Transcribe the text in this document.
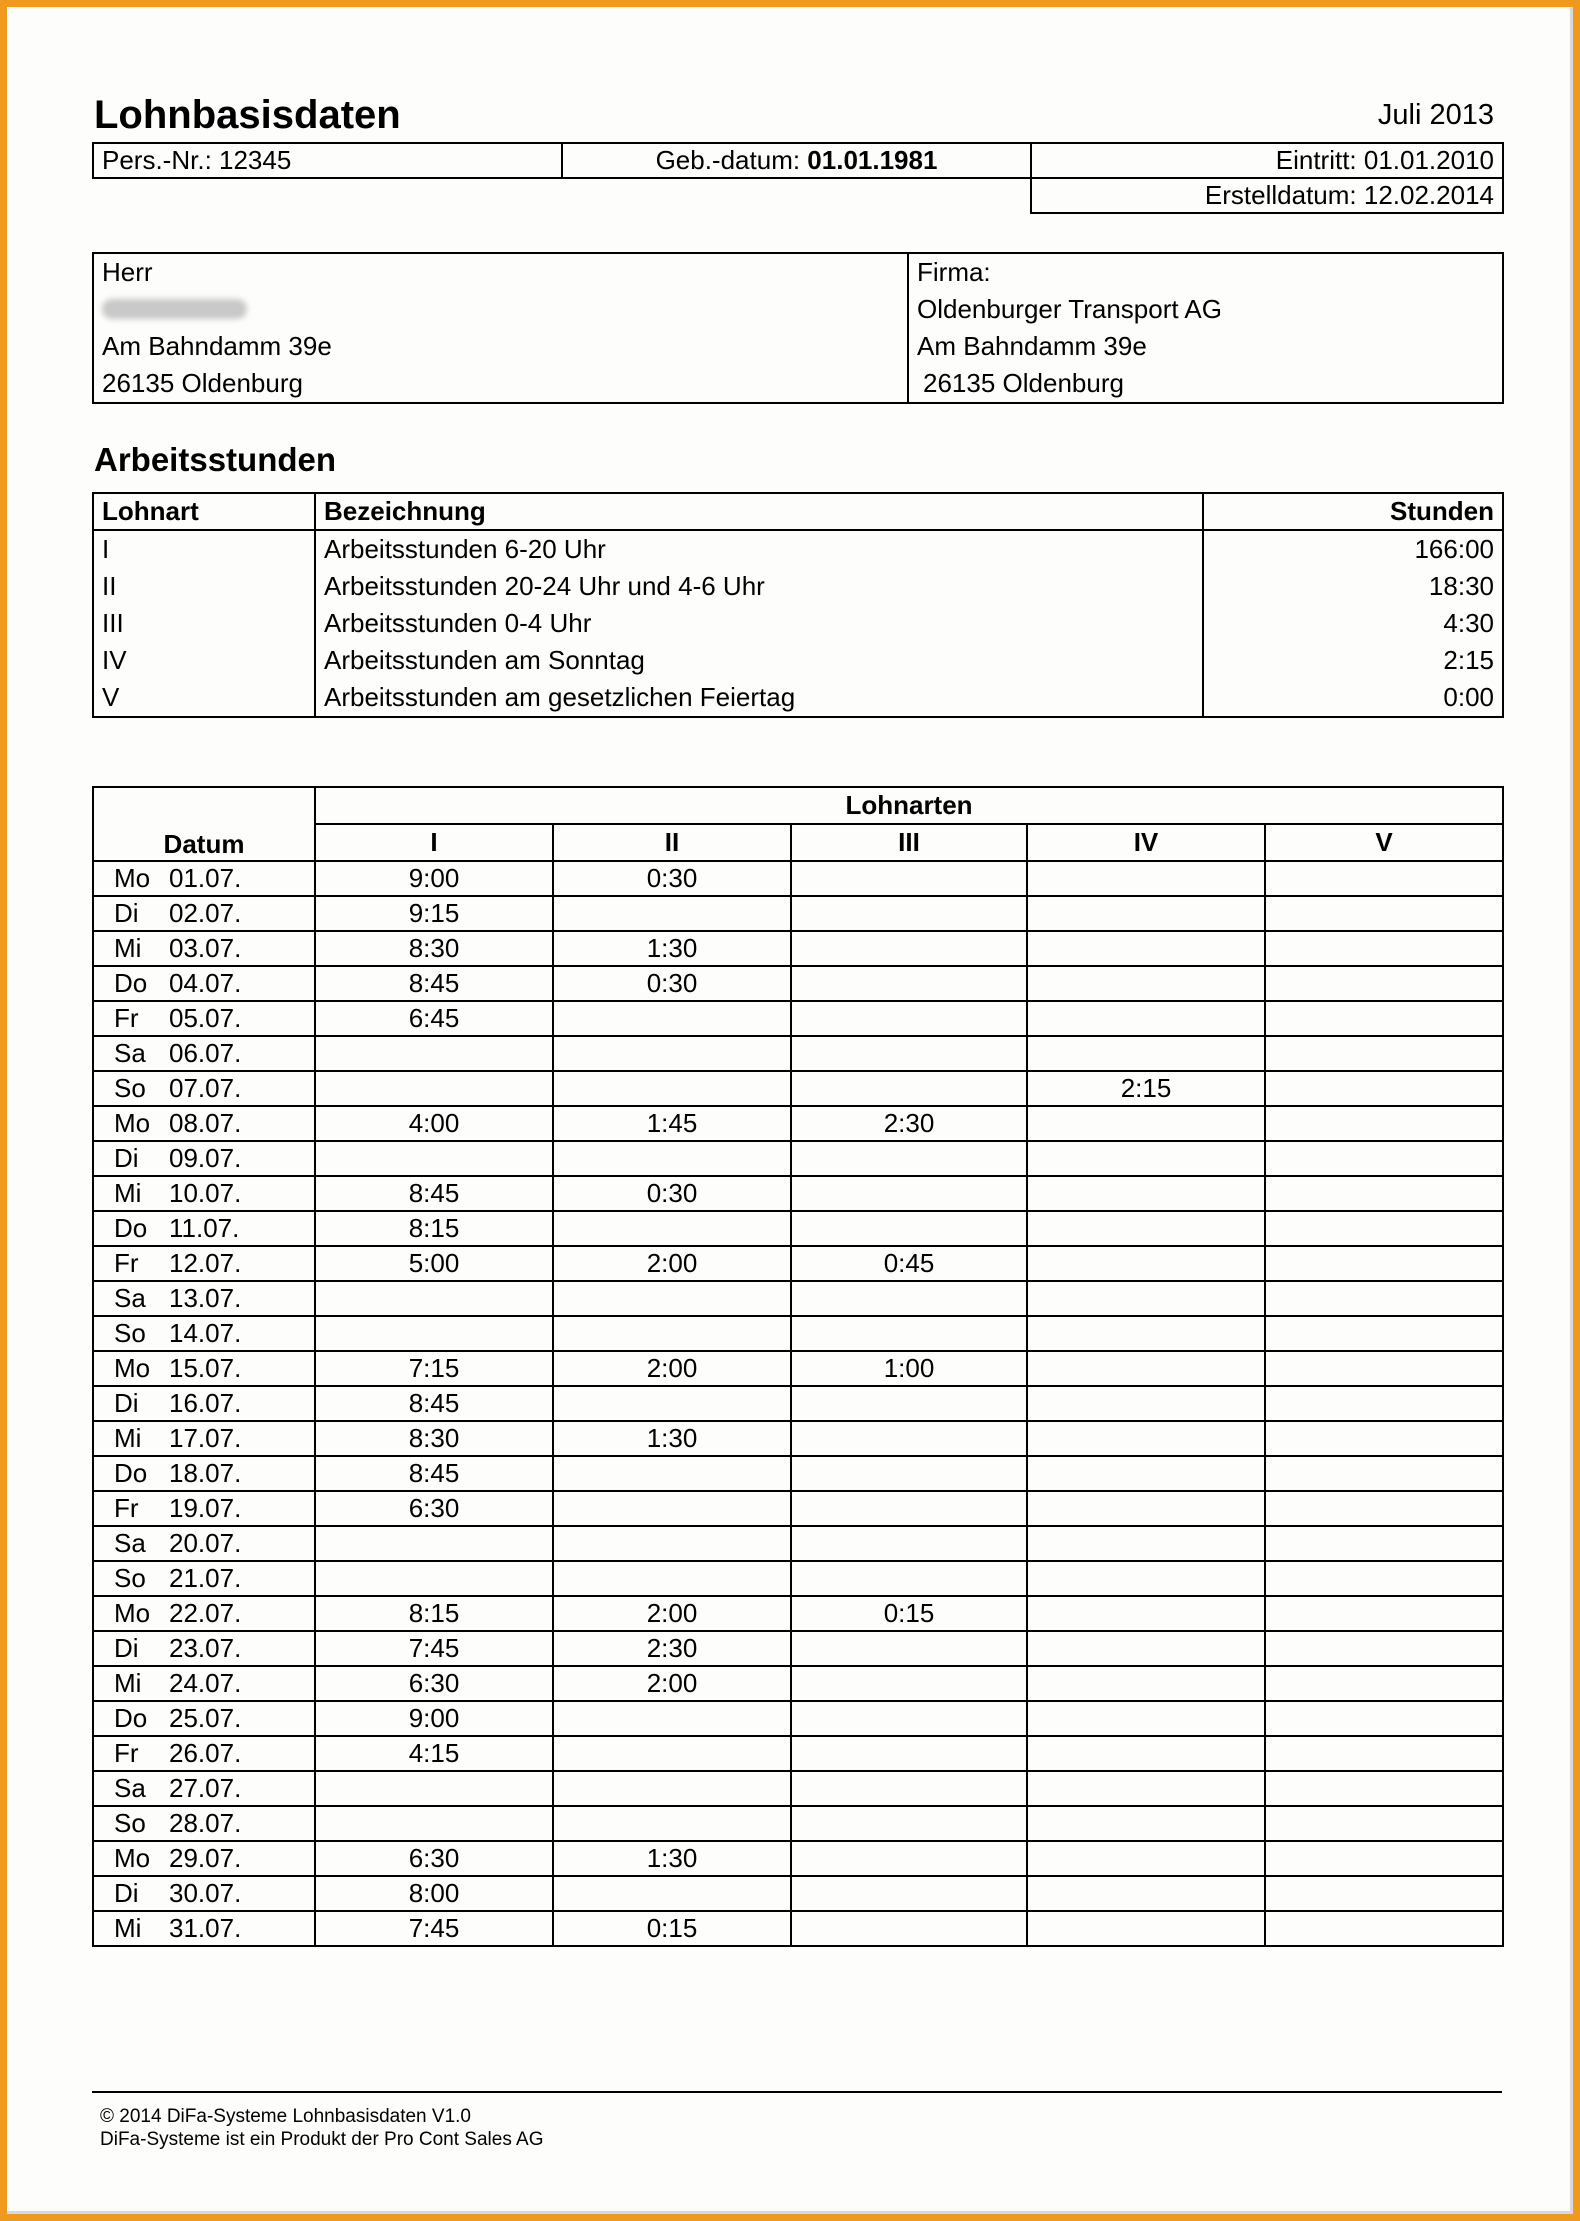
Lohnbasisdaten	Juli 2013
Pers.-Nr.: 12345	Geb.-datum: 01.01.1981	Eintritt: 01.01.2010
		Erstelldatum: 12.02.2014
Herr	Firma:
	Oldenburger Transport AG
Am Bahndamm 39e	Am Bahndamm 39e
26135 Oldenburg	26135 Oldenburg
Arbeitsstunden
Lohnart	Bezeichnung	Stunden
I	Arbeitsstunden 6-20 Uhr	166:00
II	Arbeitsstunden 20-24 Uhr und 4-6 Uhr	18:30
III	Arbeitsstunden 0-4 Uhr	4:30
IV	Arbeitsstunden am Sonntag	2:15
V	Arbeitsstunden am gesetzlichen Feiertag	0:00
Datum	Lohnarten				
	I	II	III	IV	V
Mo 01.07.	9:00	0:30			
Di 02.07.	9:15				
Mi 03.07.	8:30	1:30			
Do 04.07.	8:45	0:30			
Fr 05.07.	6:45				
Sa 06.07.					
So 07.07.				2:15	
Mo 08.07.	4:00	1:45	2:30		
Di 09.07.					
Mi 10.07.	8:45	0:30			
Do 11.07.	8:15				
Fr 12.07.	5:00	2:00	0:45		
Sa 13.07.					
So 14.07.					
Mo 15.07.	7:15	2:00	1:00		
Di 16.07.	8:45				
Mi 17.07.	8:30	1:30			
Do 18.07.	8:45				
Fr 19.07.	6:30				
Sa 20.07.					
So 21.07.					
Mo 22.07.	8:15	2:00	0:15		
Di 23.07.	7:45	2:30			
Mi 24.07.	6:30	2:00			
Do 25.07.	9:00				
Fr 26.07.	4:15				
Sa 27.07.					
So 28.07.					
Mo 29.07.	6:30	1:30			
Di 30.07.	8:00				
Mi 31.07.	7:45	0:15			
© 2014 DiFa-Systeme Lohnbasisdaten V1.0
DiFa-Systeme ist ein Produkt der Pro Cont Sales AG
